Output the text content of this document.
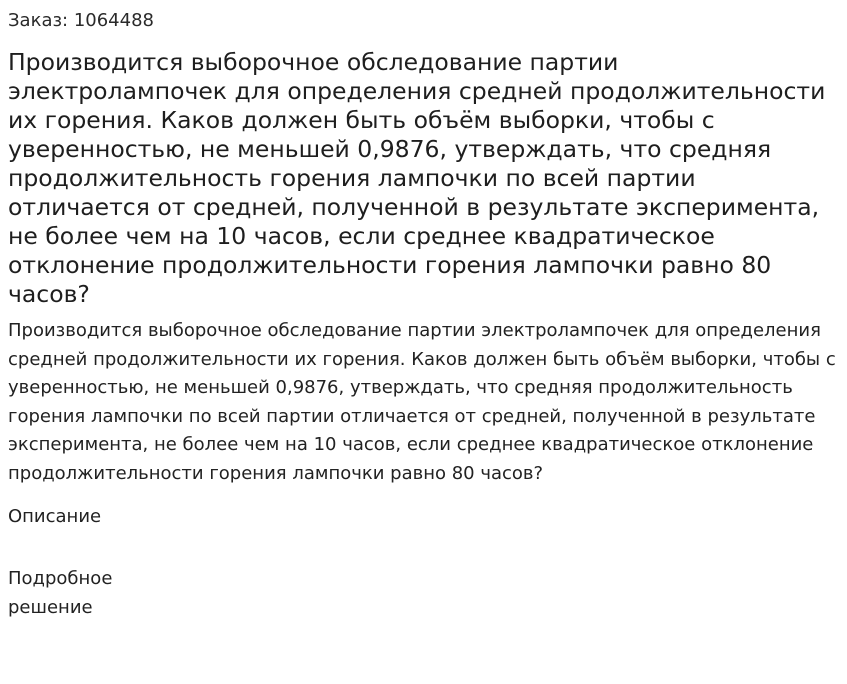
Заказ: 1064488
Производится выборочное обследование партии электролампочек для определения средней продолжительности их горения. Каков должен быть объём выборки, чтобы с уверенностью, не меньшей 0,9876, утверждать, что средняя продолжительность горения лампочки по всей партии отличается от средней, полученной в результате эксперимента, не более чем на 10 часов, если среднее квадратическое отклонение продолжительности горения лампочки равно 80 часов?

Производится выборочное обследование партии электролампочек для определения средней продолжительности их горения. Каков должен быть объём выборки, чтобы с уверенностью, не меньшей 0,9876, утверждать, что средняя продолжительность горения лампочки по всей партии отличается от средней, полученной в результате эксперимента, не более чем на 10 часов, если среднее квадратическое отклонение продолжительности горения лампочки равно 80 часов?

Описание
Подробное решение
